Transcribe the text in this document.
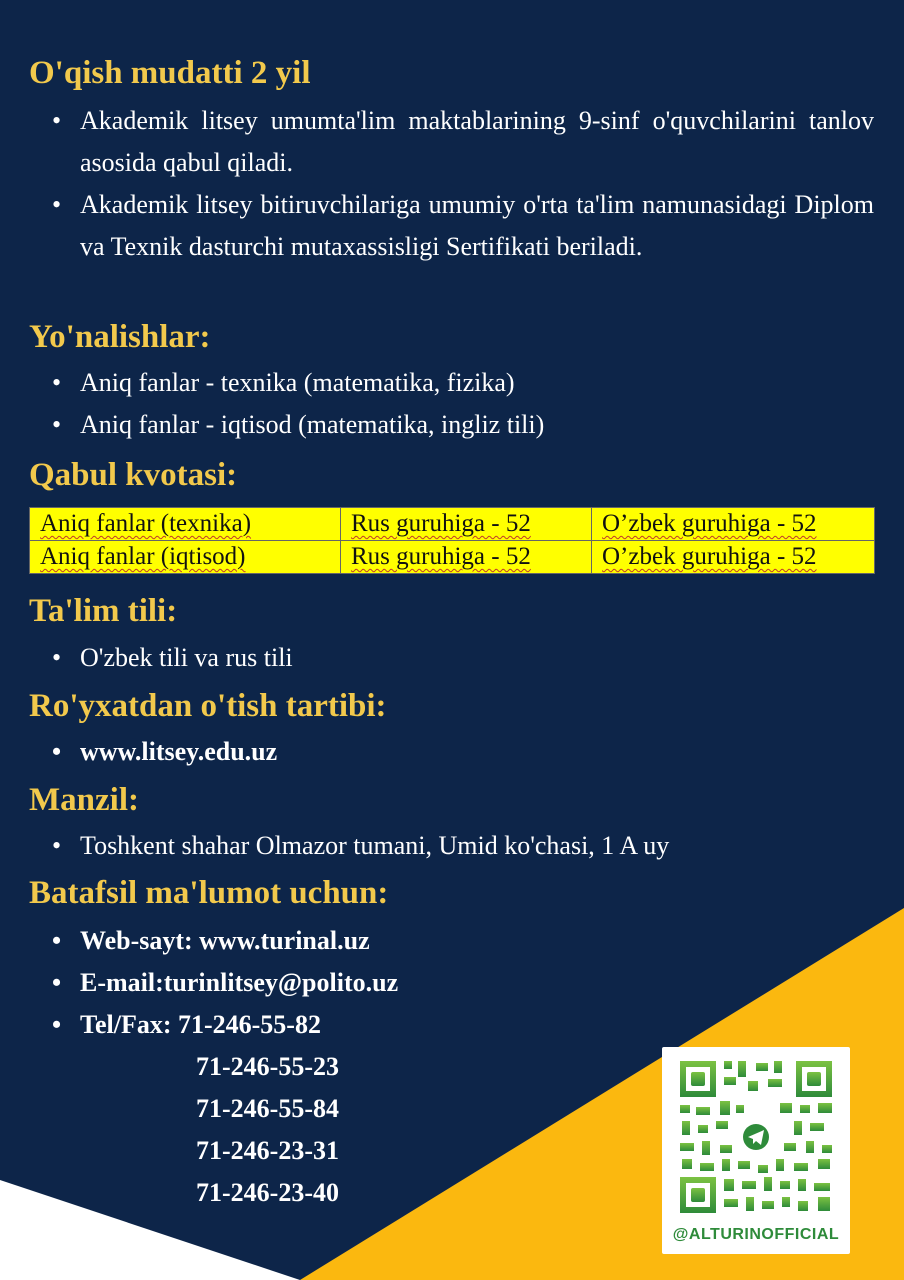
O'qish mudatti 2 yil
• Akademik litsey umumta'lim maktablarining 9-sinf o'quvchilarini tanlov asosida qabul qiladi.
• Akademik litsey bitiruvchilariga umumiy o'rta ta'lim namunasidagi Diplom va Texnik dasturchi mutaxassisligi Sertifikati beriladi.
Yo'nalishlar:
• Aniq fanlar - texnika (matematika, fizika)
• Aniq fanlar - iqtisod (matematika, ingliz tili)
Qabul kvotasi:
Aniq fanlar (texnika)	Rus guruhiga - 52	O’zbek guruhiga - 52
Aniq fanlar (iqtisod)	Rus guruhiga - 52	O’zbek guruhiga - 52
Ta'lim tili:
• O'zbek tili va rus tili
Ro'yxatdan o'tish tartibi:
• www.litsey.edu.uz
Manzil:
• Toshkent shahar Olmazor tumani, Umid ko'chasi, 1 A uy
Batafsil ma'lumot uchun:
• Web-sayt: www.turinal.uz
• E-mail:turinlitsey@polito.uz
• Tel/Fax: 71-246-55-82
71-246-55-23
71-246-55-84
71-246-23-31
71-246-23-40
@ALTURINOFFICIAL
